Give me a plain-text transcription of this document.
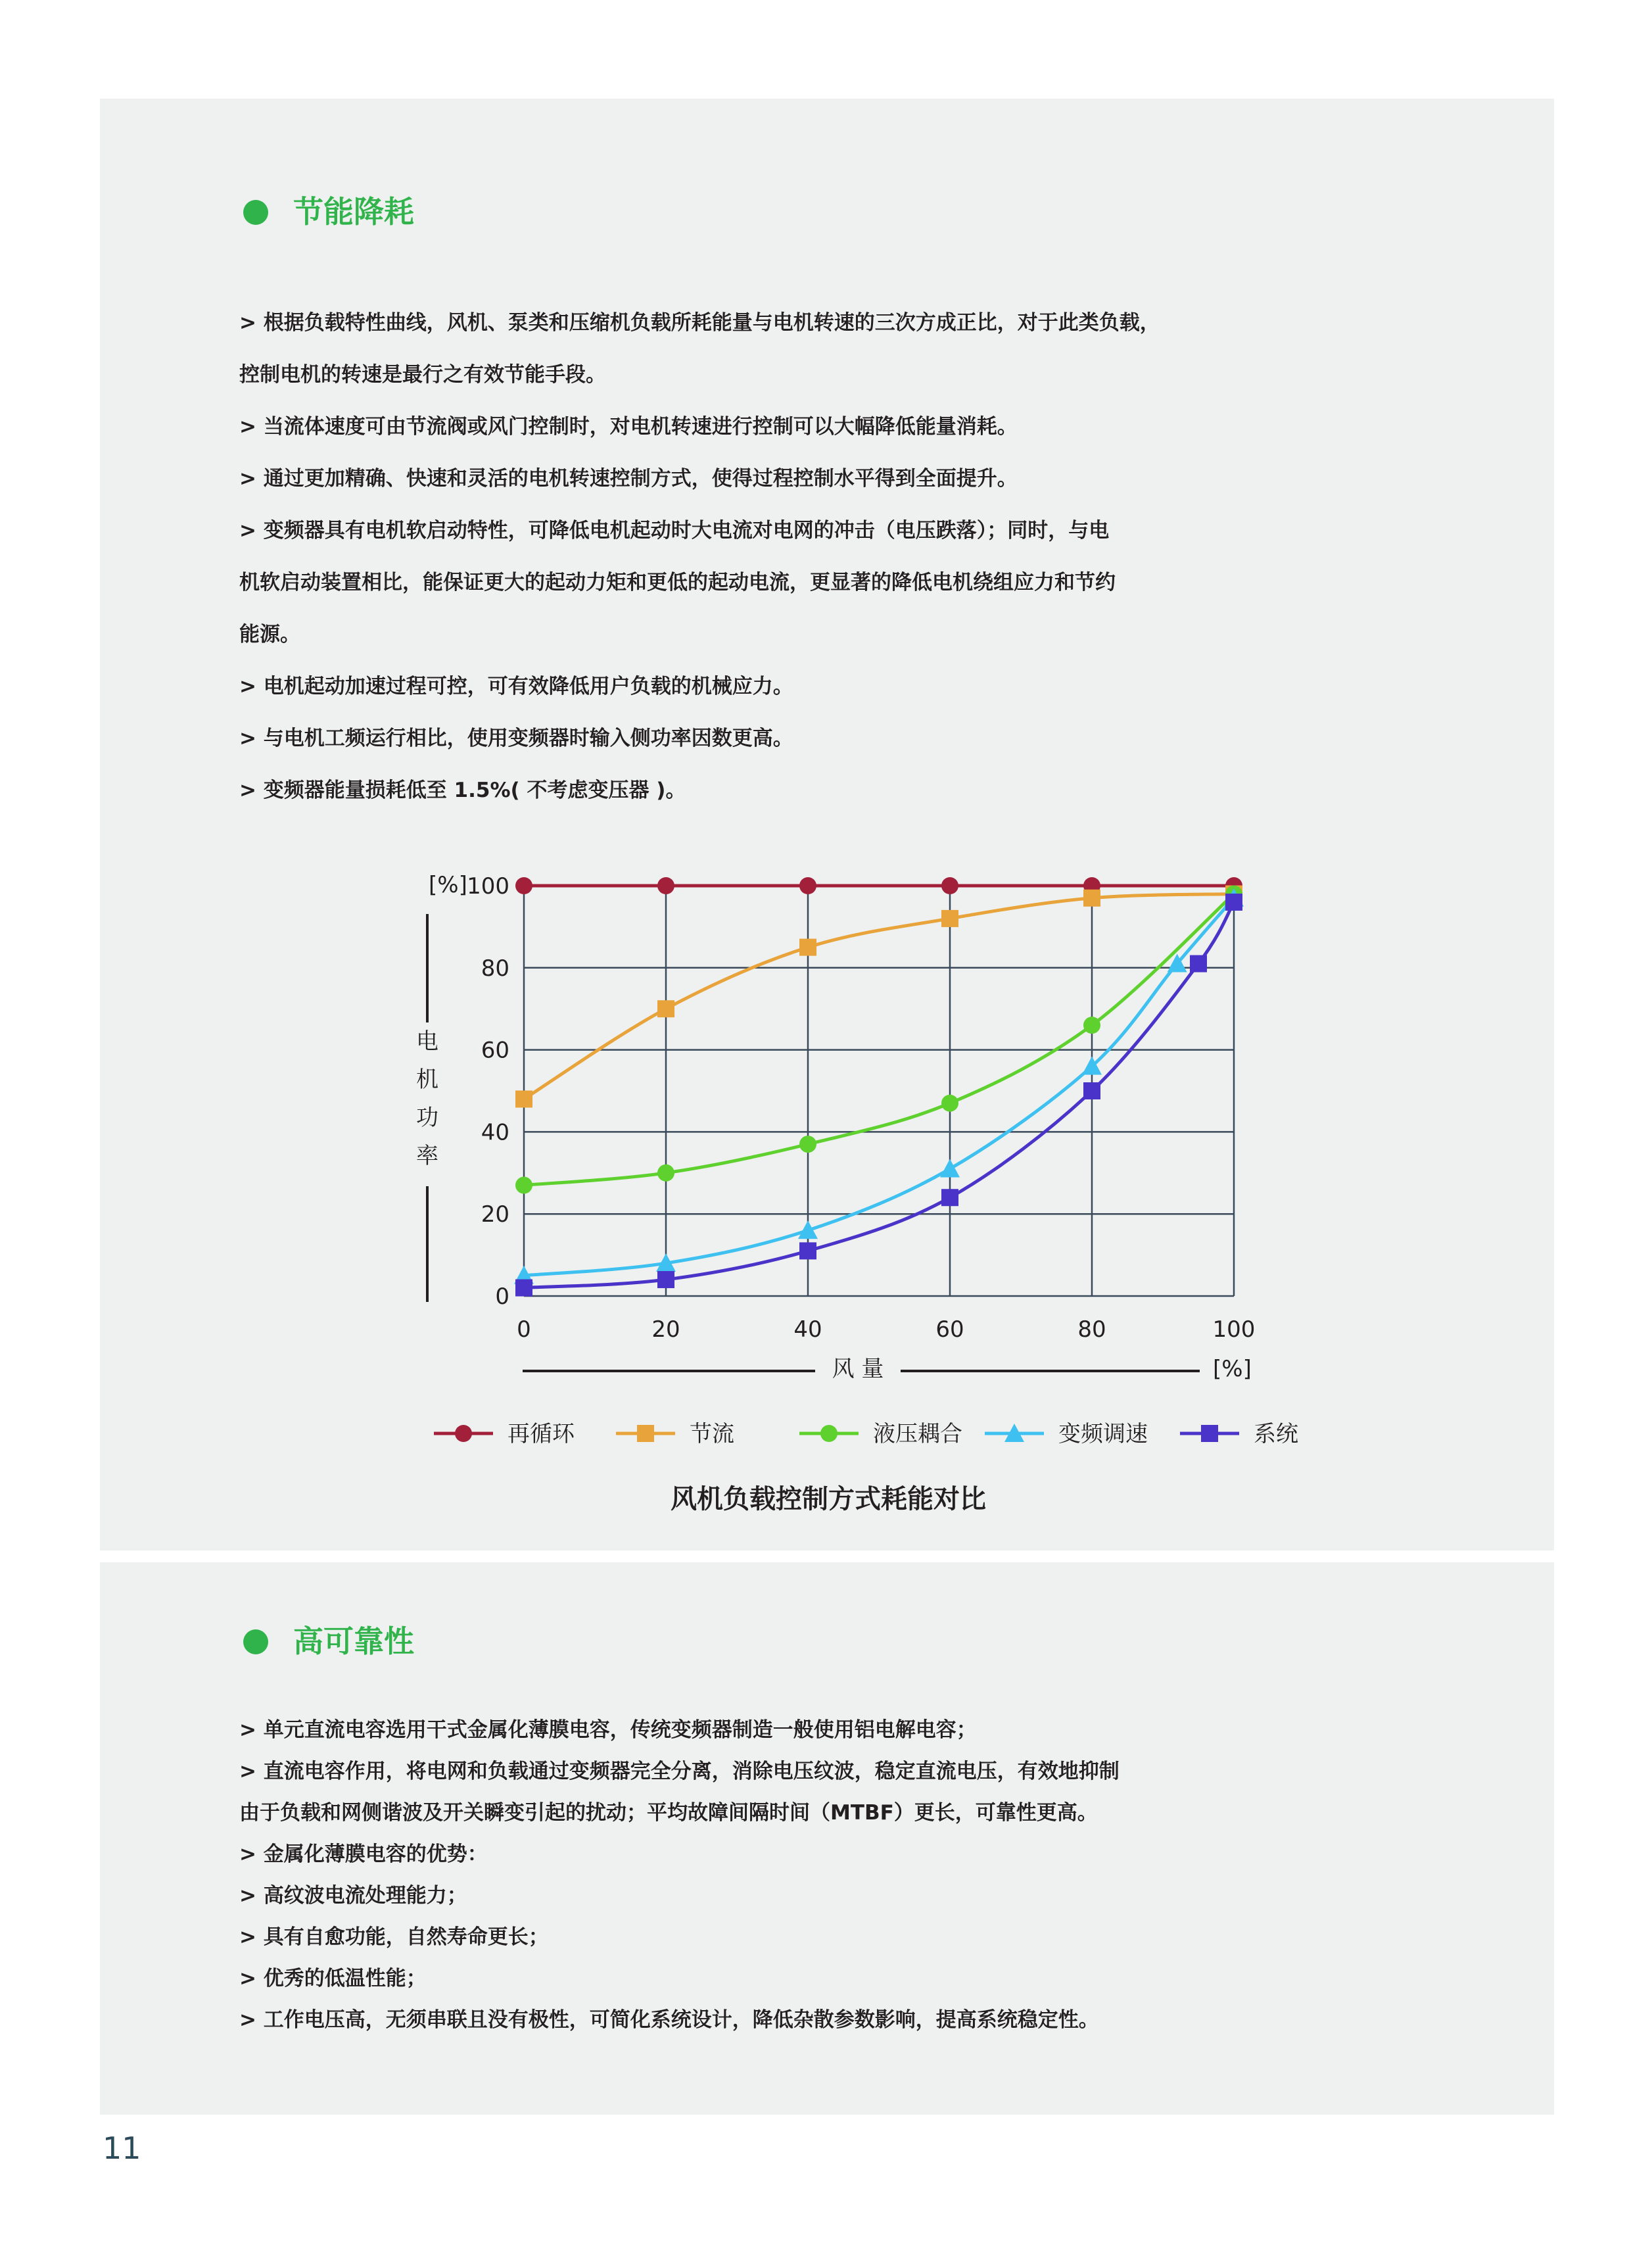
节能降耗
> 根据负载特性曲线，风机、泵类和压缩机负载所耗能量与电机转速的三次方成正比，对于此类负载，
控制电机的转速是最行之有效节能手段。
> 当流体速度可由节流阀或风门控制时，对电机转速进行控制可以大幅降低能量消耗。
> 通过更加精确、快速和灵活的电机转速控制方式，使得过程控制水平得到全面提升。
> 变频器具有电机软启动特性，可降低电机起动时大电流对电网的冲击（电压跌落）；同时，与电
机软启动装置相比，能保证更大的起动力矩和更低的起动电流，更显著的降低电机绕组应力和节约
能源。
> 电机起动加速过程可控，可有效降低用户负载的机械应力。
> 与电机工频运行相比，使用变频器时输入侧功率因数更高。
> 变频器能量损耗低至 1.5%( 不考虑变压器 )。
[%]
[%]
风 量
0	20	40	60	80	100
0
20
40
60
80
100
电
机
功
率
再循环	节流	液压耦合	变频调速	系统
风机负载控制方式耗能对比
高可靠性
> 单元直流电容选用干式金属化薄膜电容，传统变频器制造一般使用铝电解电容；
> 直流电容作用，将电网和负载通过变频器完全分离，消除电压纹波，稳定直流电压，有效地抑制
由于负载和网侧谐波及开关瞬变引起的扰动；平均故障间隔时间（MTBF）更长，可靠性更高。
> 金属化薄膜电容的优势：
> 高纹波电流处理能力；
> 具有自愈功能，自然寿命更长；
> 优秀的低温性能；
> 工作电压高，无须串联且没有极性，可简化系统设计，降低杂散参数影响，提高系统稳定性。
11
